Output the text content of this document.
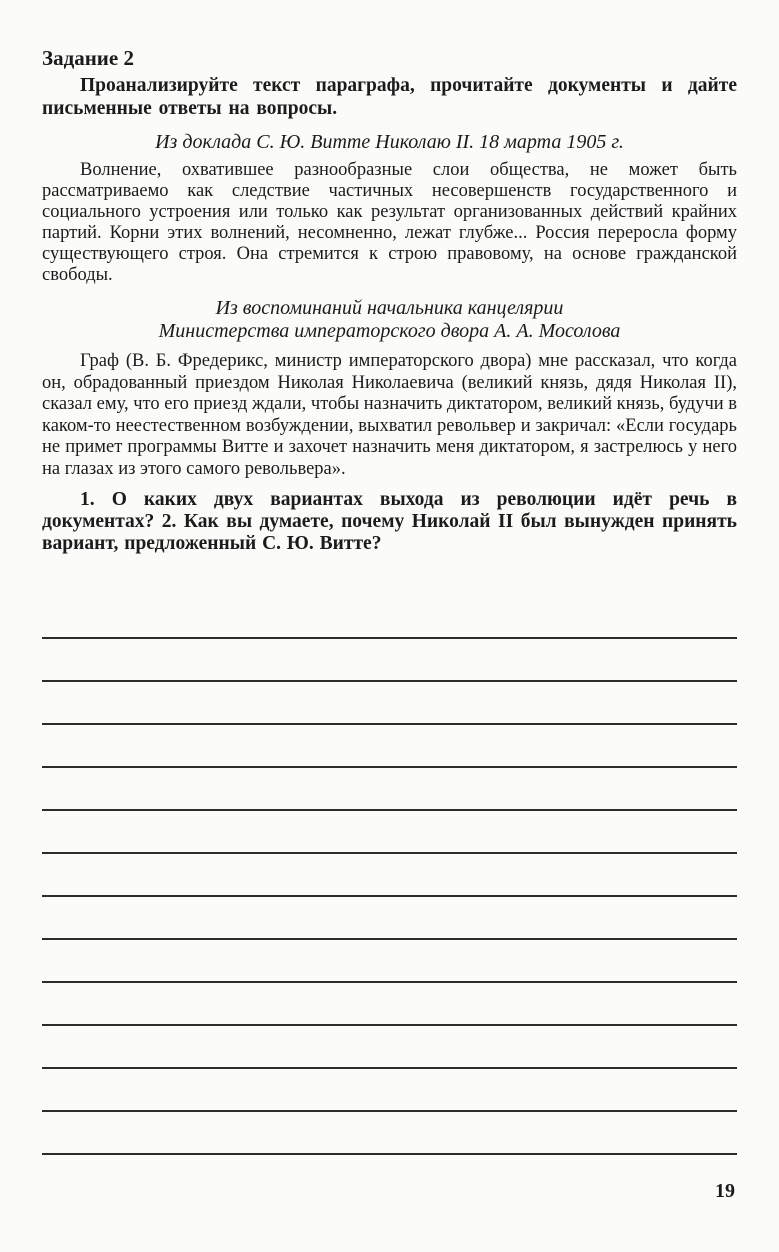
Задание 2

Проанализируйте текст параграфа, прочитайте документы и дайте письменные ответы на вопросы.

Из доклада С. Ю. Витте Николаю II. 18 марта 1905 г.

Волнение, охватившее разнообразные слои общества, не может быть рассматриваемо как следствие частичных несовершенств государственного и социального устроения или только как результат организованных действий крайних партий. Корни этих волнений, несомненно, лежат глубже... Россия переросла форму существующего строя. Она стремится к строю правовому, на основе гражданской свободы.

Из воспоминаний начальника канцелярии
Министерства императорского двора А. А. Мосолова

Граф (В. Б. Фредерикс, министр императорского двора) мне рассказал, что когда он, обрадованный приездом Николая Николаевича (великий князь, дядя Николая II), сказал ему, что его приезд ждали, чтобы назначить диктатором, великий князь, будучи в каком-то неестественном возбуждении, выхватил револьвер и закричал: «Если государь не примет программы Витте и захочет назначить меня диктатором, я застрелюсь у него на глазах из этого самого револьвера».

1. О каких двух вариантах выхода из революции идёт речь в документах? 2. Как вы думаете, почему Николай II был вынужден принять вариант, предложенный С. Ю. Витте?

19
